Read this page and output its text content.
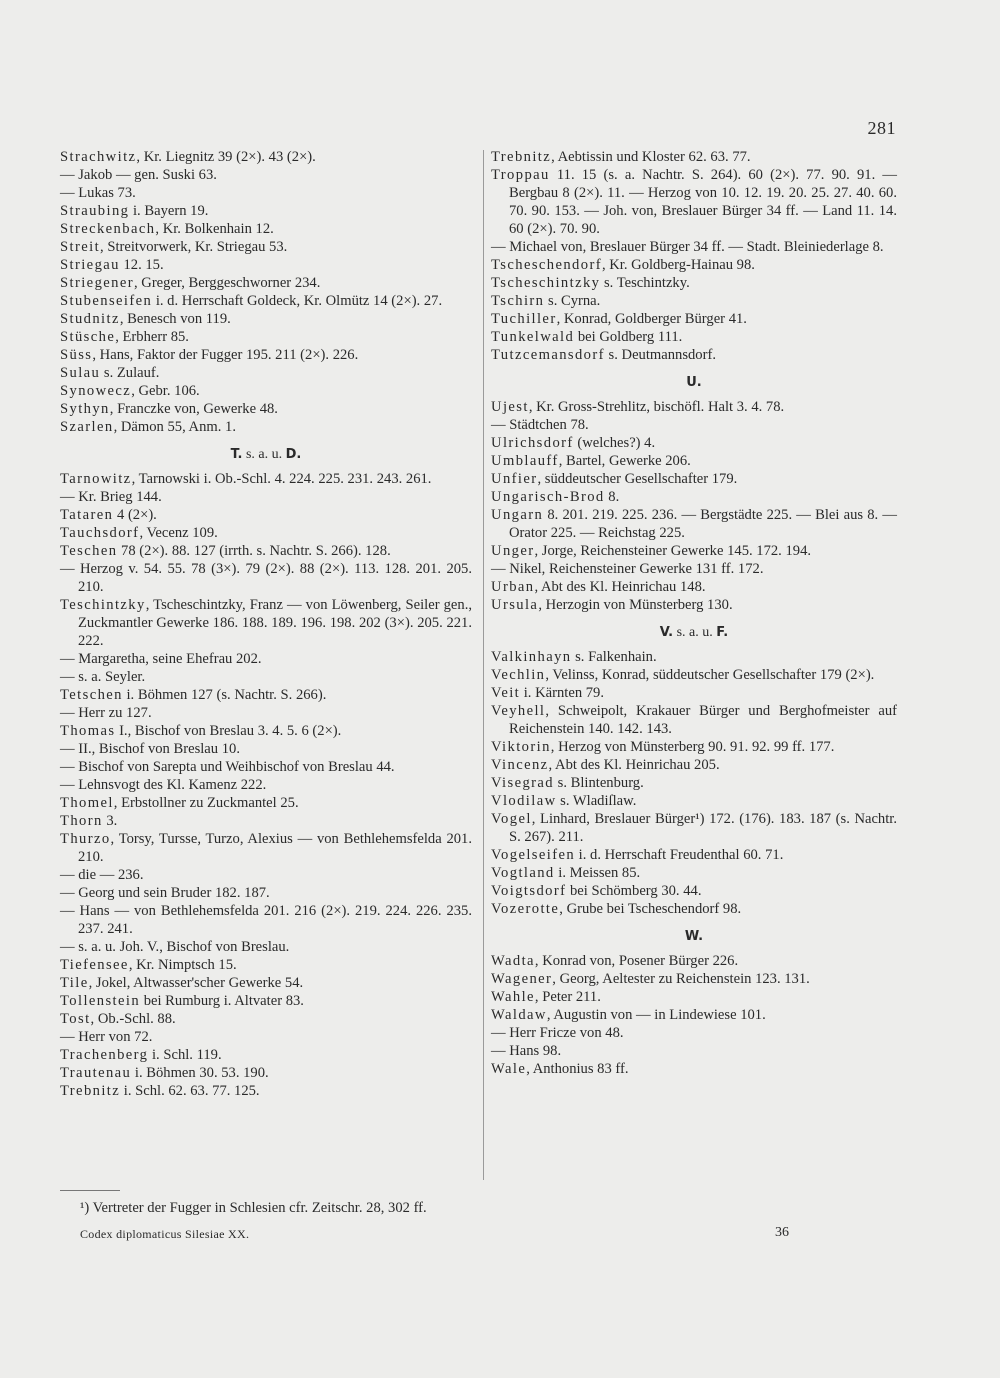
281

Strachwitz, Kr. Liegnitz 39 (2×). 43 (2×).

— Jakob — gen. Suski 63.

— Lukas 73.

Straubing i. Bayern 19.

Streckenbach, Kr. Bolkenhain 12.

Streit, Streitvorwerk, Kr. Striegau 53.

Striegau 12. 15.

Striegener, Greger, Berggeschworner 234.

Stubenseifen i. d. Herrschaft Goldeck, Kr. Olmütz 14 (2×). 27.

Studnitz, Benesch von 119.

Stüsche, Erbherr 85.

Süss, Hans, Faktor der Fugger 195. 211 (2×). 226.

Sulau s. Zulauf.

Synowecz, Gebr. 106.

Sythyn, Franczke von, Gewerke 48.

Szarlen, Dämon 55, Anm. 1.

T. s. a. u. D.

Tarnowitz, Tarnowski i. Ob.-Schl. 4. 224. 225. 231. 243. 261.

— Kr. Brieg 144.

Tataren 4 (2×).

Tauchsdorf, Vecenz 109.

Teschen 78 (2×). 88. 127 (irrth. s. Nachtr. S. 266). 128.

— Herzog v. 54. 55. 78 (3×). 79 (2×). 88 (2×). 113. 128. 201. 205. 210.

Teschintzky, Tscheschintzky, Franz — von Löwenberg, Seiler gen., Zuckmantler Gewerke 186. 188. 189. 196. 198. 202 (3×). 205. 221. 222.

— Margaretha, seine Ehefrau 202.

— s. a. Seyler.

Tetschen i. Böhmen 127 (s. Nachtr. S. 266).

— Herr zu 127.

Thomas I., Bischof von Breslau 3. 4. 5. 6 (2×).

— II., Bischof von Breslau 10.

— Bischof von Sarepta und Weihbischof von Breslau 44.

— Lehnsvogt des Kl. Kamenz 222.

Thomel, Erbstollner zu Zuckmantel 25.

Thorn 3.

Thurzo, Torsy, Tursse, Turzo, Alexius — von Bethlehemsfelda 201. 210.

— die — 236.

— Georg und sein Bruder 182. 187.

— Hans — von Bethlehemsfelda 201. 216 (2×). 219. 224. 226. 235. 237. 241.

— s. a. u. Joh. V., Bischof von Breslau.

Tiefensee, Kr. Nimptsch 15.

Tile, Jokel, Altwasser'scher Gewerke 54.

Tollenstein bei Rumburg i. Altvater 83.

Tost, Ob.-Schl. 88.

— Herr von 72.

Trachenberg i. Schl. 119.

Trautenau i. Böhmen 30. 53. 190.

Trebnitz i. Schl. 62. 63. 77. 125.

Trebnitz, Aebtissin und Kloster 62. 63. 77.

Troppau 11. 15 (s. a. Nachtr. S. 264). 60 (2×). 77. 90. 91. — Bergbau 8 (2×). 11. — Herzog von 10. 12. 19. 20. 25. 27. 40. 60. 70. 90. 153. — Joh. von, Breslauer Bürger 34 ff. — Land 11. 14. 60 (2×). 70. 90.

— Michael von, Breslauer Bürger 34 ff. — Stadt. Bleiniederlage 8.

Tscheschendorf, Kr. Goldberg-Hainau 98.

Tscheschintzky s. Teschintzky.

Tschirn s. Cyrna.

Tuchiller, Konrad, Goldberger Bürger 41.

Tunkelwald bei Goldberg 111.

Tutzcemansdorf s. Deutmannsdorf.

U.

Ujest, Kr. Gross-Strehlitz, bischöfl. Halt 3. 4. 78.

— Städtchen 78.

Ulrichsdorf (welches?) 4.

Umblauff, Bartel, Gewerke 206.

Unfier, süddeutscher Gesellschafter 179.

Ungarisch-Brod 8.

Ungarn 8. 201. 219. 225. 236. — Bergstädte 225. — Blei aus 8. — Orator 225. — Reichstag 225.

Unger, Jorge, Reichensteiner Gewerke 145. 172. 194.

— Nikel, Reichensteiner Gewerke 131 ff. 172.

Urban, Abt des Kl. Heinrichau 148.

Ursula, Herzogin von Münsterberg 130.

V. s. a. u. F.

Valkinhayn s. Falkenhain.

Vechlin, Velinss, Konrad, süddeutscher Gesellschafter 179 (2×).

Veit i. Kärnten 79.

Veyhell, Schweipolt, Krakauer Bürger und Berghofmeister auf Reichenstein 140. 142. 143.

Viktorin, Herzog von Münsterberg 90. 91. 92. 99 ff. 177.

Vincenz, Abt des Kl. Heinrichau 205.

Visegrad s. Blintenburg.

Vlodilaw s. Wladiſlaw.

Vogel, Linhard, Breslauer Bürger¹) 172. (176). 183. 187 (s. Nachtr. S. 267). 211.

Vogelseifen i. d. Herrschaft Freudenthal 60. 71.

Vogtland i. Meissen 85.

Voigtsdorf bei Schömberg 30. 44.

Vozerotte, Grube bei Tscheschendorf 98.

W.

Wadta, Konrad von, Posener Bürger 226.

Wagener, Georg, Aeltester zu Reichenstein 123. 131.

Wahle, Peter 211.

Waldaw, Augustin von — in Lindewiese 101.

— Herr Fricze von 48.

— Hans 98.

Wale, Anthonius 83 ff.

¹) Vertreter der Fugger in Schlesien cfr. Zeitschr. 28, 302 ff.
Codex diplomaticus Silesiae XX.	36
